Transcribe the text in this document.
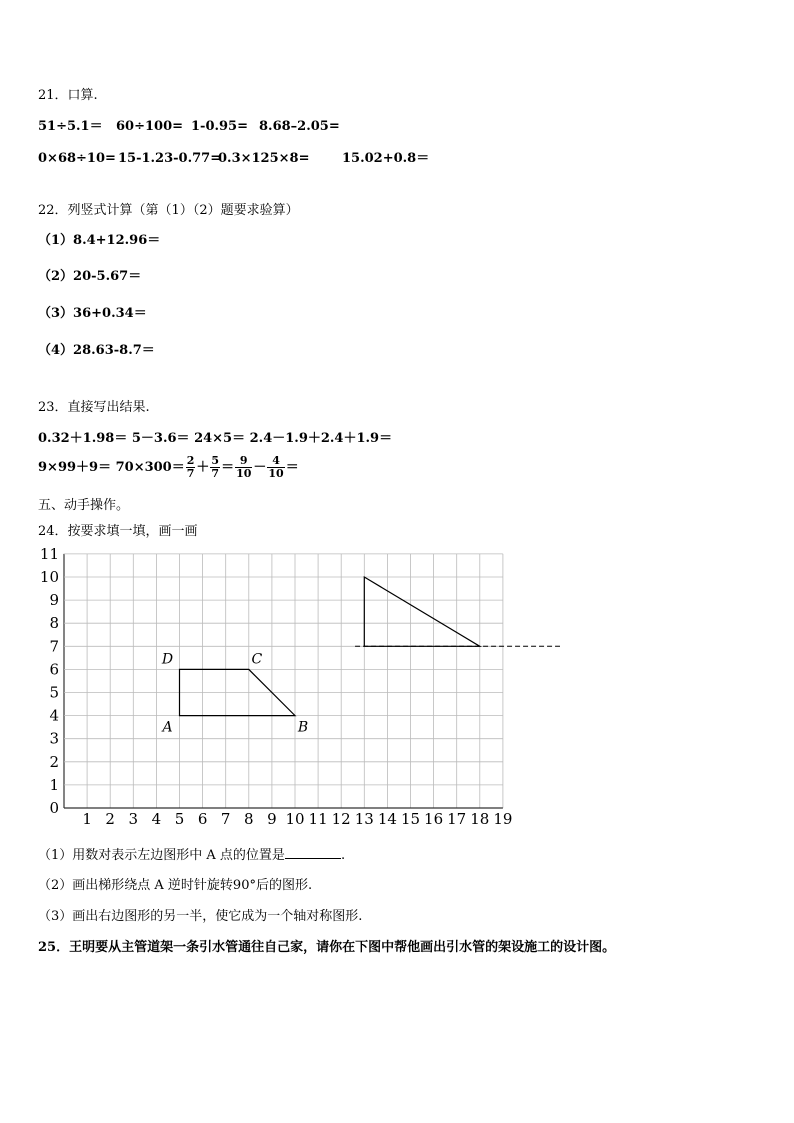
21．口算.
51÷5.1＝ 60÷100= 1-0.95= 8.68–2.05=
0×68÷10= 15-1.23-0.77=0.3×125×8=	15.02+0.8＝
22．列竖式计算（第（1）（2）题要求验算）
（1）8.4+12.96＝
（2）20-5.67＝
（3）36+0.34＝
（4）28.63-8.7＝
23．直接写出结果.
0.32＋1.98＝ 5－3.6＝ 24×5＝ 2.4－1.9＋2.4＋1.9＝
$9\times 99+9= 70\times 300= \frac{2}{7} + \frac{5}{7} = \frac{9}{10} - \frac{4}{10}$ ＝
五、动手操作。
24．按要求填一填，画一画
1 2 3 4 5 6 7 8 9 10 11 12 13 14 15 16 17 18 19
0
1
2
3
4
5
6
7
8
9
10
11
A	B
C
D
（1）用数对表示左边图形中 A 点的位置是	.
（2）画出梯形绕点 A 逆时针旋转90°后的图形.
（3）画出右边图形的另一半，使它成为一个轴对称图形.
25．王明要从主管道架一条引水管通往自己家，请你在下图中帮他画出引水管的架设施工的设计图。
